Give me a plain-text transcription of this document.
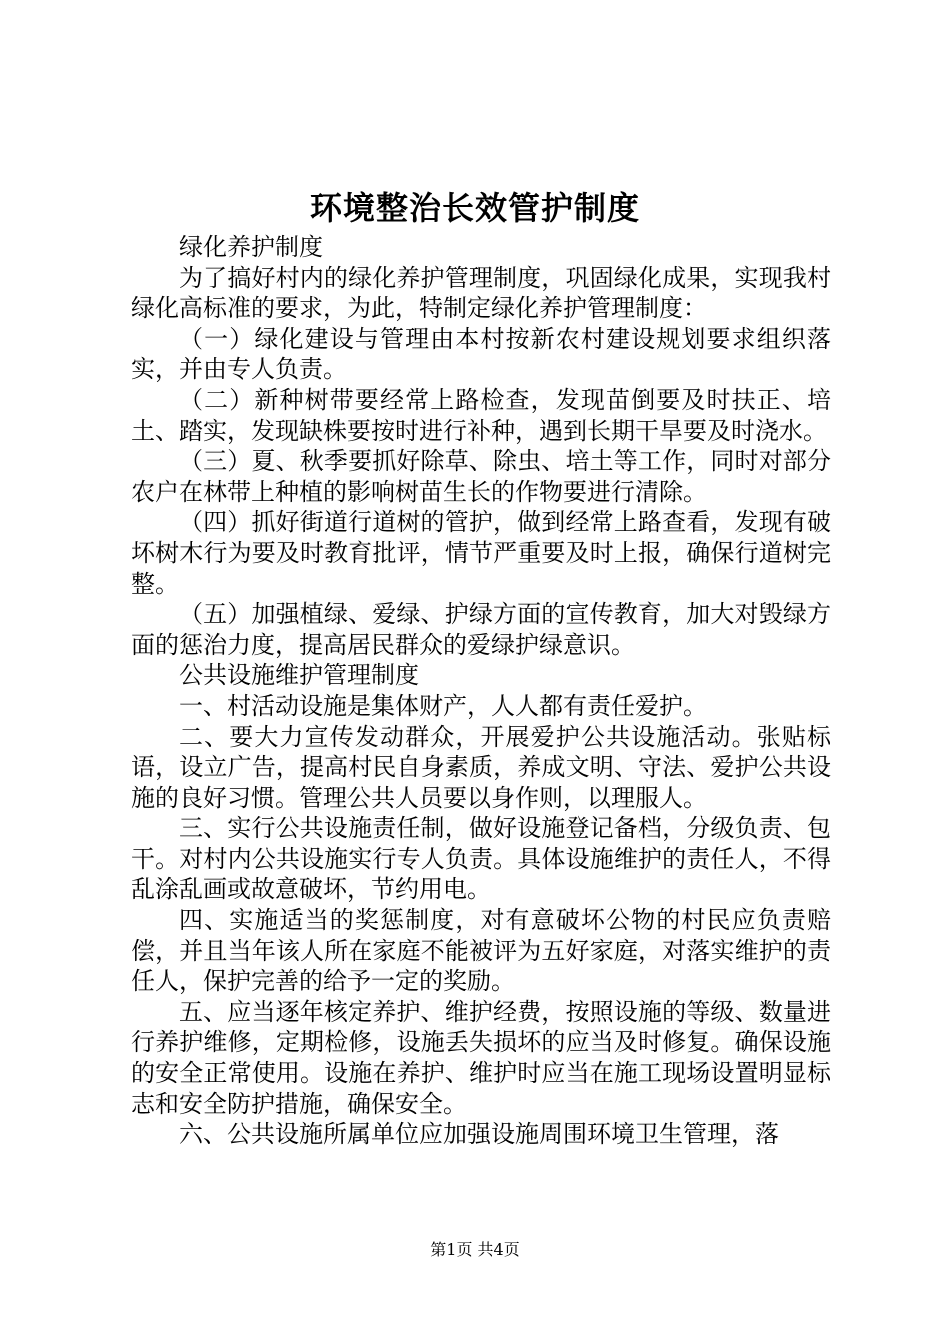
环境整治长效管护制度

绿化养护制度

为了搞好村内的绿化养护管理制度，巩固绿化成果，实现我村绿化高标准的要求，为此，特制定绿化养护管理制度：

（一）绿化建设与管理由本村按新农村建设规划要求组织落实，并由专人负责。

（二）新种树带要经常上路检查，发现苗倒要及时扶正、培土、踏实，发现缺株要按时进行补种，遇到长期干旱要及时浇水。

（三）夏、秋季要抓好除草、除虫、培土等工作，同时对部分农户在林带上种植的影响树苗生长的作物要进行清除。

（四）抓好街道行道树的管护，做到经常上路查看，发现有破坏树木行为要及时教育批评，情节严重要及时上报，确保行道树完整。

（五）加强植绿、爱绿、护绿方面的宣传教育，加大对毁绿方面的惩治力度，提高居民群众的爱绿护绿意识。

公共设施维护管理制度

一、村活动设施是集体财产，人人都有责任爱护。

二、要大力宣传发动群众，开展爱护公共设施活动。张贴标语，设立广告，提高村民自身素质，养成文明、守法、爱护公共设施的良好习惯。管理公共人员要以身作则，以理服人。

三、实行公共设施责任制，做好设施登记备档，分级负责、包干。对村内公共设施实行专人负责。具体设施维护的责任人，不得乱涂乱画或故意破坏，节约用电。

四、实施适当的奖惩制度，对有意破坏公物的村民应负责赔偿，并且当年该人所在家庭不能被评为五好家庭，对落实维护的责任人，保护完善的给予一定的奖励。

五、应当逐年核定养护、维护经费，按照设施的等级、数量进行养护维修，定期检修，设施丢失损坏的应当及时修复。确保设施的安全正常使用。设施在养护、维护时应当在施工现场设置明显标志和安全防护措施，确保安全。

六、公共设施所属单位应加强设施周围环境卫生管理，落

第1页 共4页
